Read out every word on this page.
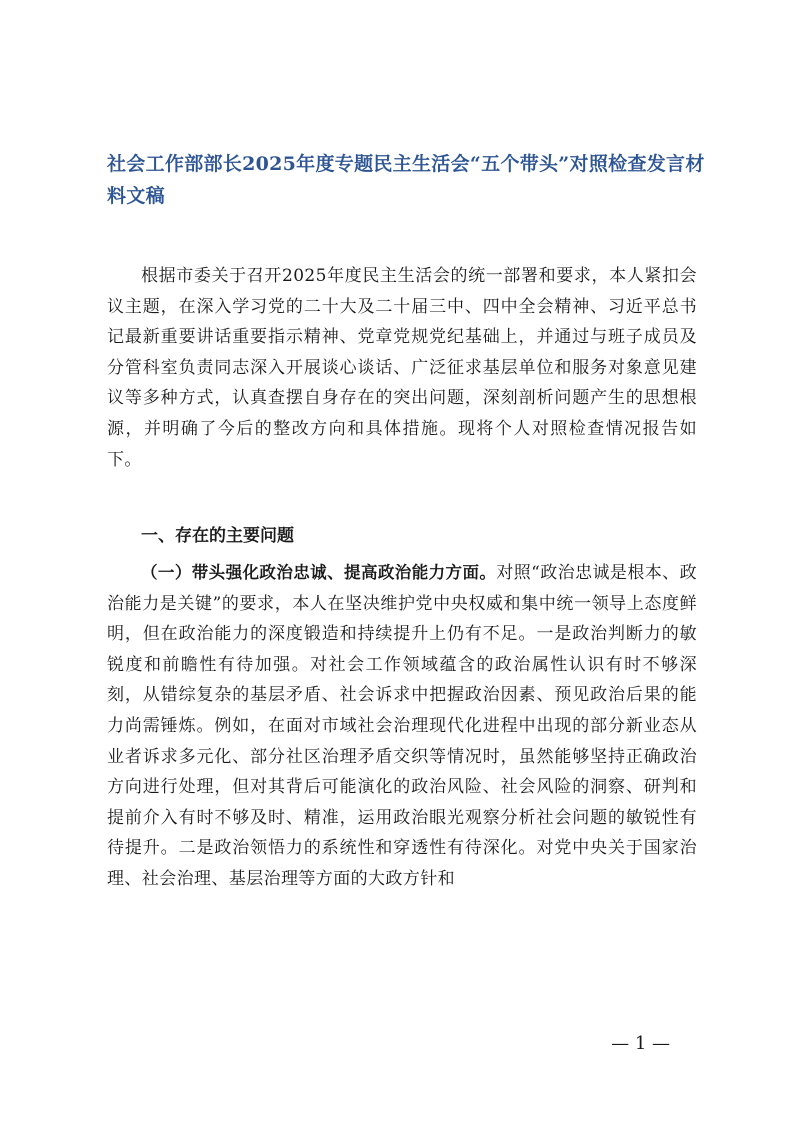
社会工作部部长2025年度专题民主生活会“五个带头”对照检查发言材料文稿

根据市委关于召开2025年度民主生活会的统一部署和要求，本人紧扣会议主题，在深入学习党的二十大及二十届三中、四中全会精神、习近平总书记最新重要讲话重要指示精神、党章党规党纪基础上，并通过与班子成员及分管科室负责同志深入开展谈心谈话、广泛征求基层单位和服务对象意见建议等多种方式，认真查摆自身存在的突出问题，深刻剖析问题产生的思想根源，并明确了今后的整改方向和具体措施。现将个人对照检查情况报告如下。

一、存在的主要问题

（一）带头强化政治忠诚、提高政治能力方面。对照“政治忠诚是根本、政治能力是关键”的要求，本人在坚决维护党中央权威和集中统一领导上态度鲜明，但在政治能力的深度锻造和持续提升上仍有不足。一是政治判断力的敏锐度和前瞻性有待加强。对社会工作领域蕴含的政治属性认识有时不够深刻，从错综复杂的基层矛盾、社会诉求中把握政治因素、预见政治后果的能力尚需锤炼。例如，在面对市域社会治理现代化进程中出现的部分新业态从业者诉求多元化、部分社区治理矛盾交织等情况时，虽然能够坚持正确政治方向进行处理，但对其背后可能演化的政治风险、社会风险的洞察、研判和提前介入有时不够及时、精准，运用政治眼光观察分析社会问题的敏锐性有待提升。二是政治领悟力的系统性和穿透性有待深化。对党中央关于国家治理、社会治理、基层治理等方面的大政方针和

— 1 —
